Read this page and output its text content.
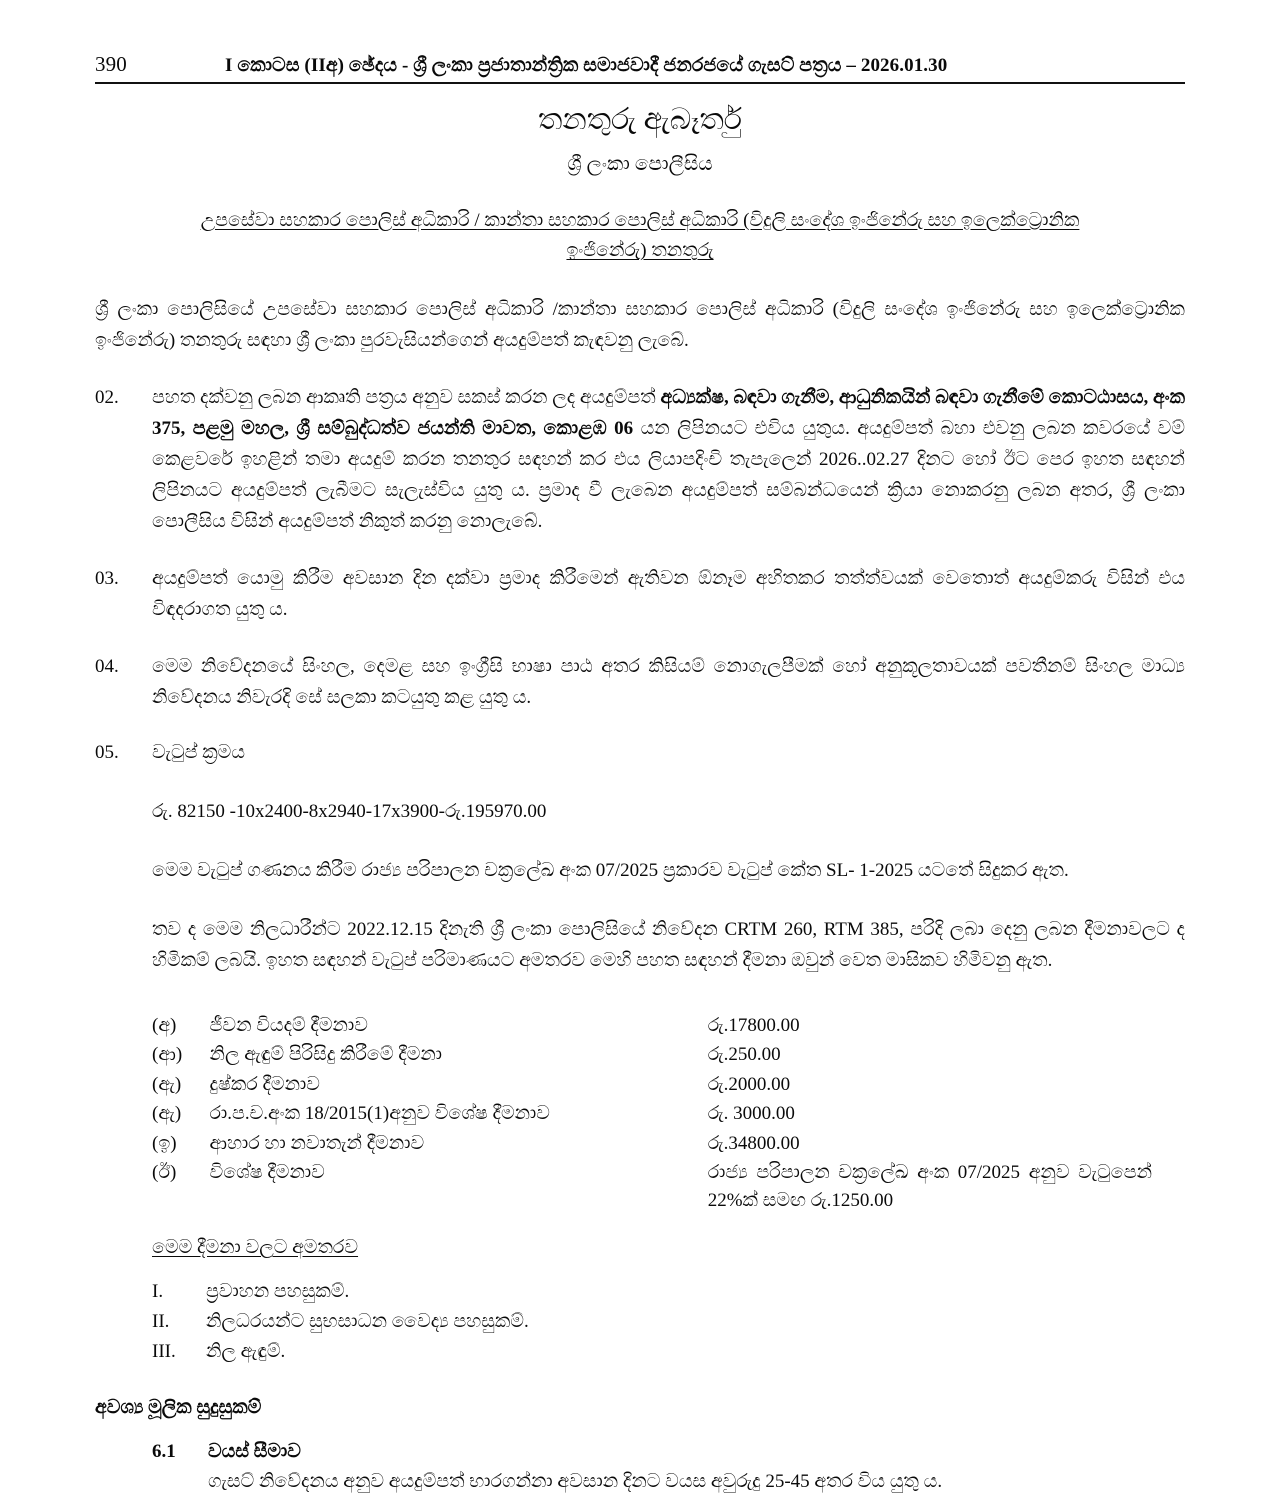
390	I කොටස (IIඅ) ඡේදය - ශ්‍රී ලංකා ප්‍රජාතාන්ත්‍රික සමාජවාදී ජනරජයේ ගැසට් පත්‍රය – 2026.01.30
තනතුරු ඇබෑර්තු
ශ්‍රී ලංකා පොලීසිය
උපසේවා සහකාර පොලිස් අධිකාරි / කාන්තා සහකාර පොලිස් අධිකාරි (විදුලි සංදේශ ඉංජිනේරු සහ ඉලෙක්ට්‍රොනික
ඉංජිනේරු) තනතුරු
ශ්‍රී ලංකා පොලිසියේ උපසේවා සහකාර පොලිස් අධිකාරි /කාන්තා සහකාර පොලිස් අධිකාරි (විදුලි සංදේශ ඉංජිනේරු සහ ඉලෙක්ට්‍රොනික ඉංජිනේරු) තනතුරු සඳහා ශ්‍රී ලංකා පුරවැසියන්ගෙන් අයදුම්පත් කැඳවනු ලැබේ.
02.	පහත දක්වනු ලබන ආකෘති පත්‍රය අනුව සකස් කරන ලද අයදුම්පත් අධ්‍යක්ෂ, බඳවා ගැනීම, ආධුනිකයින් බඳවා ගැනීමේ කොටඨාසය, අංක 375, පළමු මහල, ශ්‍රී සම්බුද්ධත්ව ජයන්ති මාවත, කොළඹ 06 යන ලිපිනයට එවිය යුතුය. අයදුම්පත් බහා එවනු ලබන කවරයේ වම් කෙළවරේ ඉහළින් තමා අයදුම් කරන තනතුර සඳහන් කර එය ලියාපදිංචි තැපැලෙන් 2026..02.27 දිනට හෝ ඊට පෙර ඉහත සඳහන් ලිපිනයට අයදුම්පත් ලැබීමට සැලැස්විය යුතු ය. ප්‍රමාද වී ලැබෙන අයදුම්පත් සම්බන්ධයෙන් ක්‍රියා නොකරනු ලබන අතර, ශ්‍රී ලංකා පොලීසිය විසින් අයදුම්පත් නිකුත් කරනු නොලැබේ.
03.	අයදුම්පත් යොමු කිරීම අවසාන දින දක්වා ප්‍රමාද කිරීමෙන් ඇතිවන ඕනෑම අහිතකර තත්ත්වයක් වෙතොත් අයදුම්කරු විසින් එය විඳදරාගත යුතු ය.
04.	මෙම නිවේදනයේ සිංහල, දෙමළ සහ ඉංග්‍රීසි භාෂා පාඨ අතර කිසියම් නොගැලපීමක් හෝ අනුකූලතාවයක් පවතීනම් සිංහල මාධ්‍ය නිවේදනය නිවැරදි සේ සලකා කටයුතු කළ යුතු ය.
05.	වැටුප් ක්‍රමය
රු. 82150 -10x2400-8x2940-17x3900-රු.195970.00
මෙම වැටුප් ගණනය කිරීම රාජ්‍ය පරිපාලන චක්‍රලේඛ අංක 07/2025 ප්‍රකාරව වැටුප් කේත SL- 1-2025 යටතේ සිදුකර ඇත.
තව ද මෙම නිලධාරීන්ට 2022.12.15 දිනැති ශ්‍රී ලංකා පොලිසියේ නිවේදන CRTM 260, RTM 385, පරිදි ලබා දෙනු ලබන දීමනාවලට ද හිමිකම් ලබයි. ඉහත සඳහන් වැටුප් පරිමාණයට අමතරව මෙහි පහත සඳහන් දීමනා ඔවුන් වෙත මාසිකව හිමිවනු ඇත.
(අ)	ජීවන වියදම් දීමනාව	රු.17800.00
(ආ)	නිල ඇඳුම් පිරිසිදු කිරීමේ දීමනා	රු.250.00
(ඇ)	දුෂ්කර දීමනාව	රු.2000.00
(ඇ)	රා.ප.ච.අංක 18/2015(1)අනුව විශේෂ දීමනාව	රු. 3000.00
(ඉ)	ආහාර හා නවාතැන් දීමනාව	රු.34800.00
(ඊ)	විශේෂ දීමනාව	රාජ්‍ය පරිපාලන චක්‍රලේඛ අංක 07/2025 අනුව වැටුපෙන් 22%ක් සමඟ රු.1250.00
මෙම දීමනා වලට අමතරව
I.	ප්‍රවාහන පහසුකම්.
II.	නිලධරයන්ට සුභසාධන වෛද්‍ය පහසුකම්.
III.	නිල ඇඳුම්.
අවශ්‍ය මූලික සුදුසුකම්
6.1 වයස් සීමාව
ගැසට් නිවේදනය අනුව අයදුම්පත් භාරගන්නා අවසාන දිනට වයස අවුරුදු 25-45 අතර විය යුතු ය.
